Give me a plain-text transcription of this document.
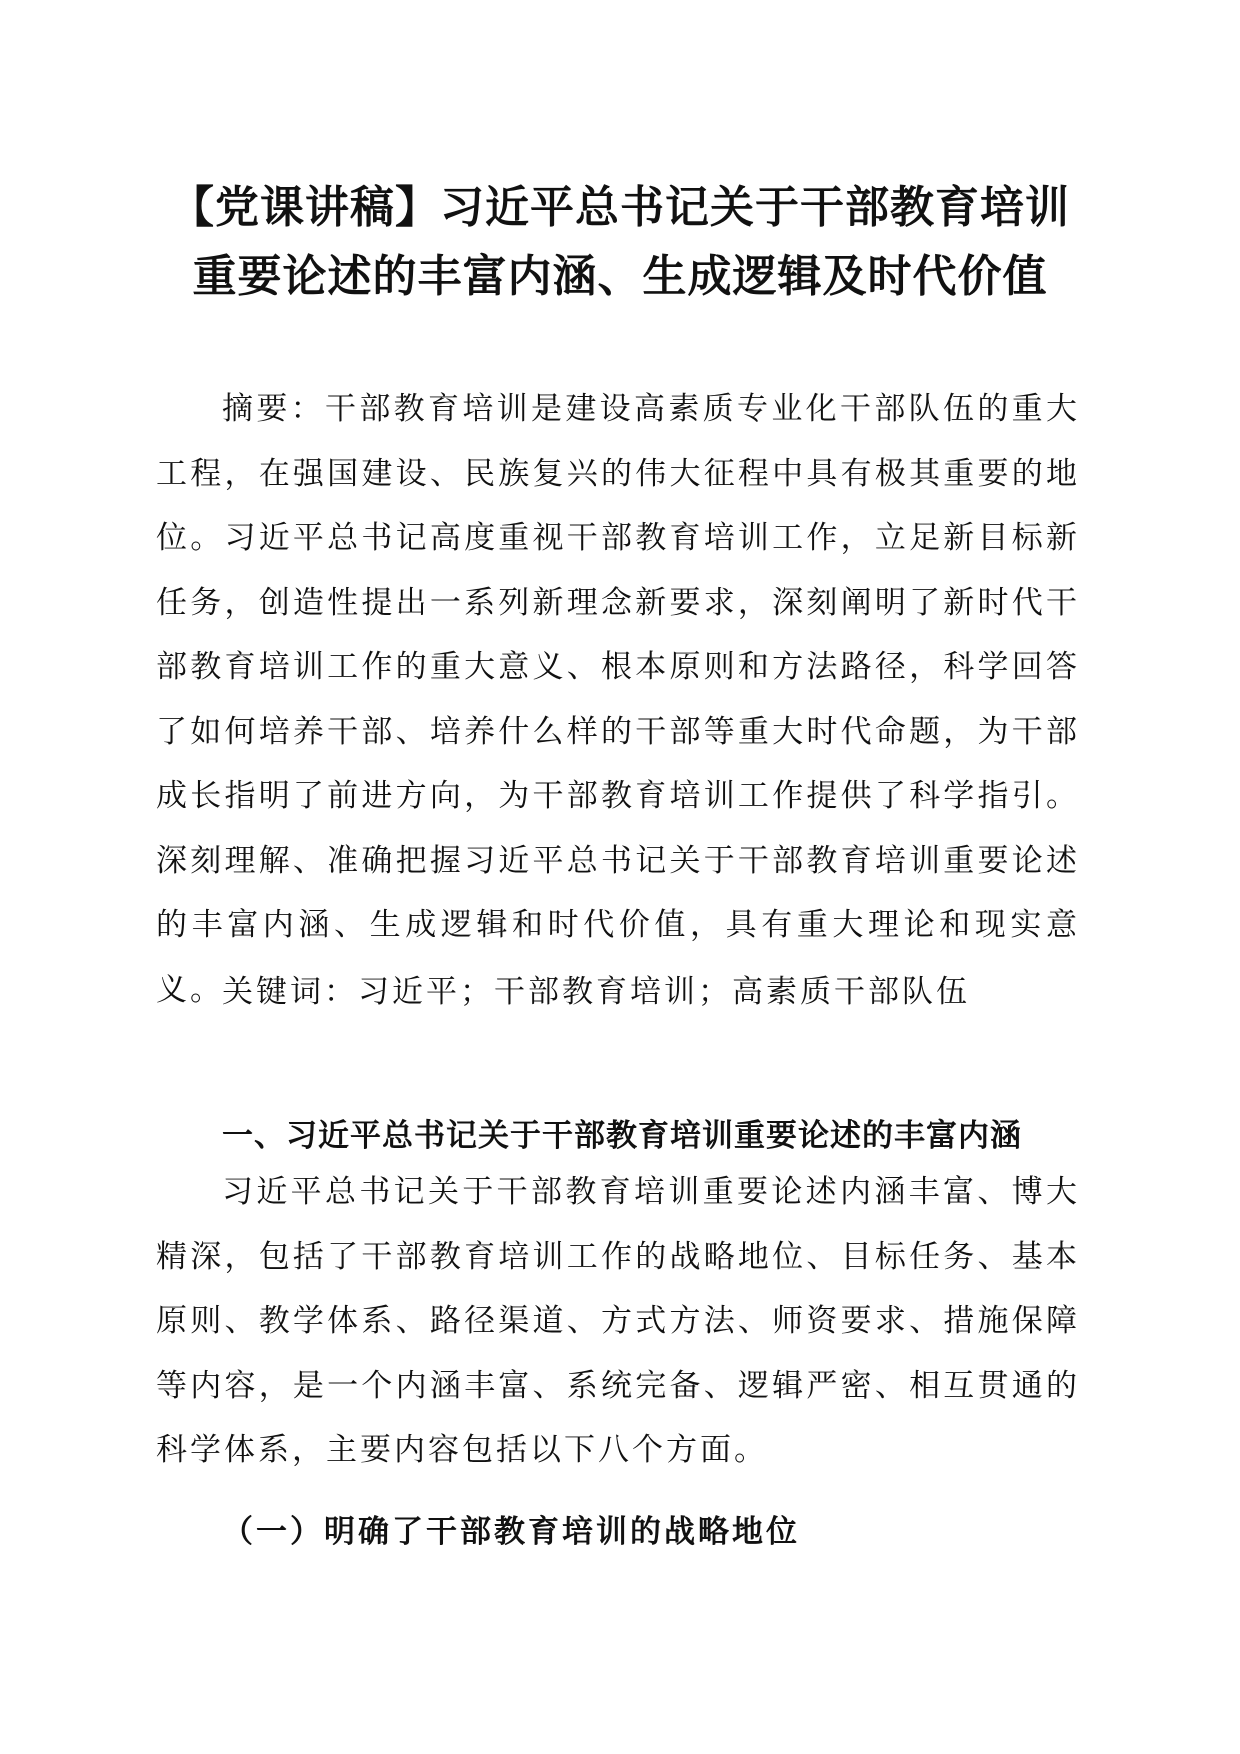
【党课讲稿】习近平总书记关于干部教育培训
重要论述的丰富内涵、生成逻辑及时代价值

摘要：干部教育培训是建设高素质专业化干部队伍的重大工程，在强国建设、民族复兴的伟大征程中具有极其重要的地位。习近平总书记高度重视干部教育培训工作，立足新目标新任务，创造性提出一系列新理念新要求，深刻阐明了新时代干部教育培训工作的重大意义、根本原则和方法路径，科学回答了如何培养干部、培养什么样的干部等重大时代命题，为干部成长指明了前进方向，为干部教育培训工作提供了科学指引。深刻理解、准确把握习近平总书记关于干部教育培训重要论述的丰富内涵、生成逻辑和时代价值，具有重大理论和现实意义。

关键词：习近平；干部教育培训；高素质干部队伍

一、习近平总书记关于干部教育培训重要论述的丰富内涵

习近平总书记关于干部教育培训重要论述内涵丰富、博大精深，包括了干部教育培训工作的战略地位、目标任务、基本原则、教学体系、路径渠道、方式方法、师资要求、措施保障等内容，是一个内涵丰富、系统完备、逻辑严密、相互贯通的科学体系，主要内容包括以下八个方面。

（一）明确了干部教育培训的战略地位
